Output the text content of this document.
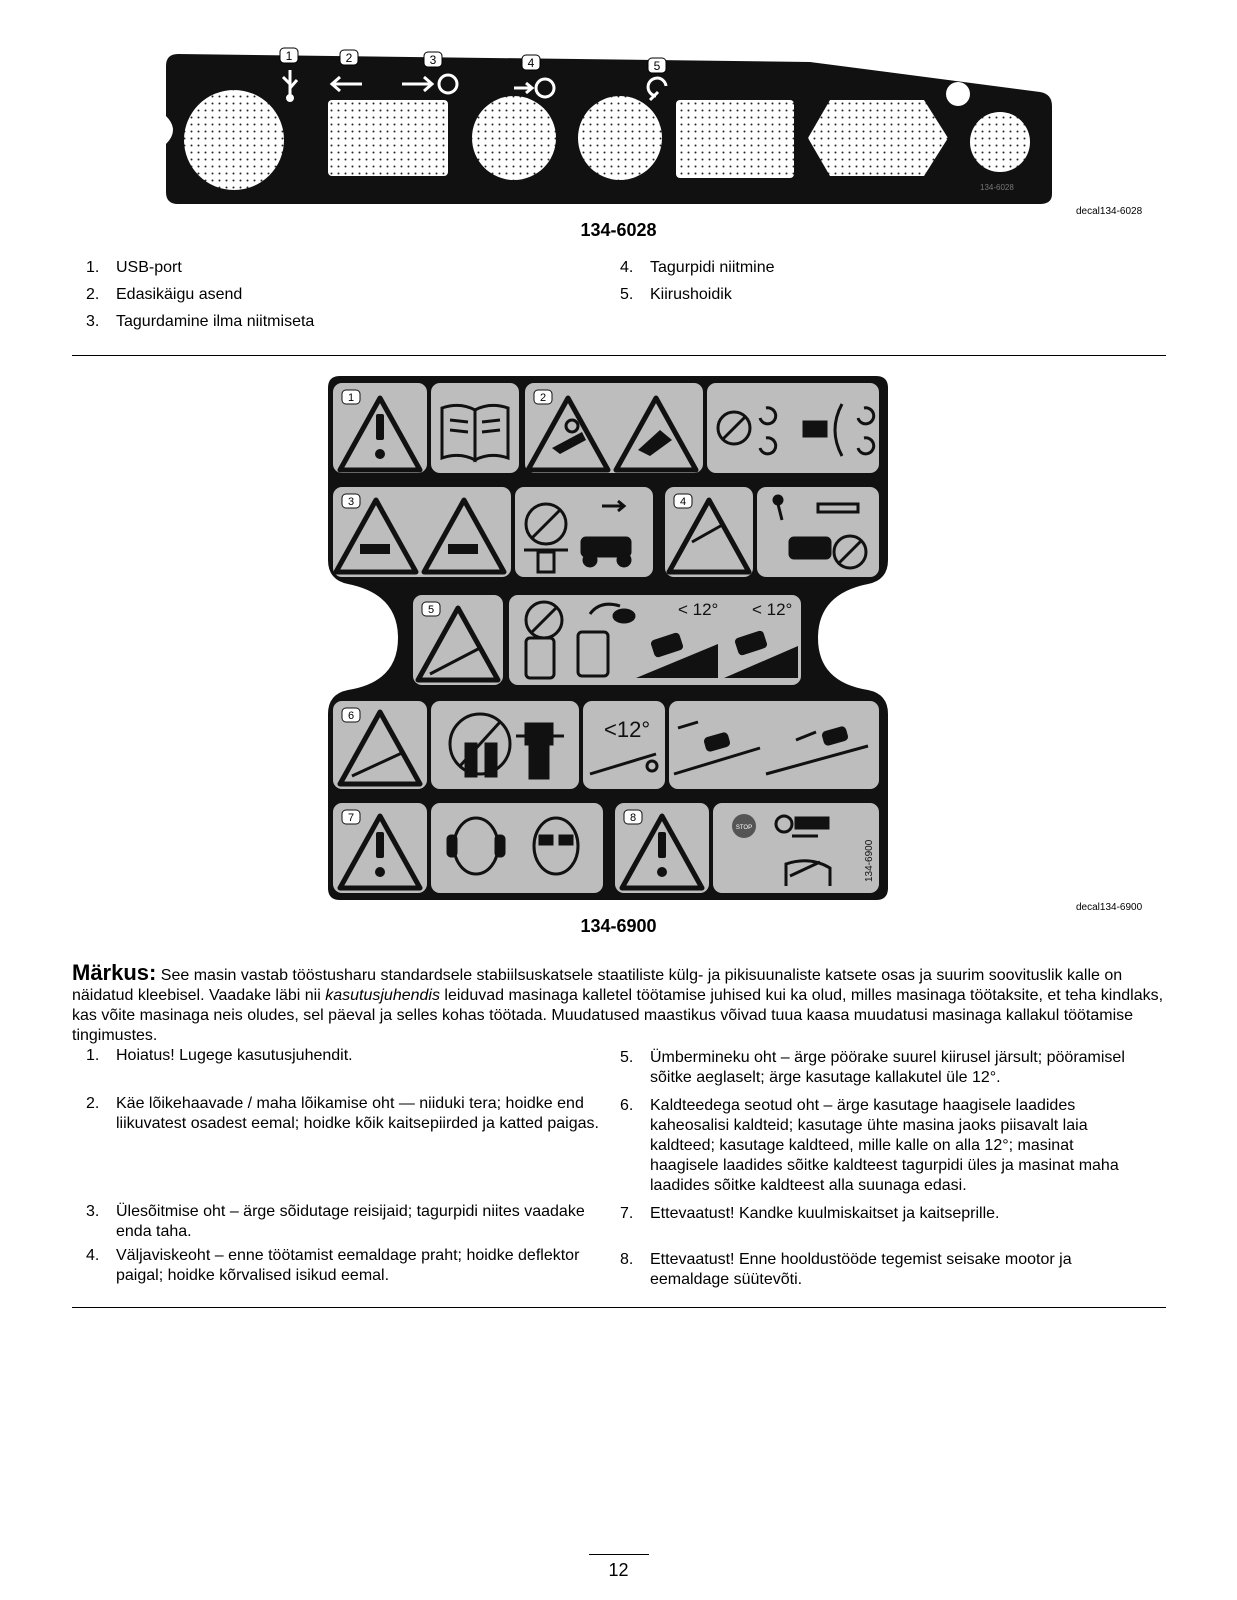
1	2	3	4	5
134-6028
decal134-6028
134-6028
1.	USB-port
2.	Edasikäigu asend
3.	Tagurdamine ilma niitmiseta
4.	Tagurpidi niitmine
5.	Kiirushoidik
1	2
3	4
5
6
7	8
< 12° < 12°
<12°
STOP
134-6900
decal134-6900
134-6900
Märkus: See masin vastab tööstusharu standardsele stabiilsuskatsele staatiliste külg- ja pikisuunaliste katsete osas ja suurim soovituslik kalle on näidatud kleebisel. Vaadake läbi nii kasutusjuhendis leiduvad masinaga kalletel töötamise juhised kui ka olud, milles masinaga töötaksite, et teha kindlaks, kas võite masinaga neis oludes, sel päeval ja selles kohas töötada. Muudatused maastikus võivad tuua kaasa muudatusi masinaga kallakul töötamise tingimustes.
1.	Hoiatus! Lugege kasutusjuhendit.
2.	Käe lõikehaavade / maha lõikamise oht — niiduki tera; hoidke end liikuvatest osadest eemal; hoidke kõik kaitsepiirded ja katted paigas.
3.	Ülesõitmise oht – ärge sõidutage reisijaid; tagurpidi niites vaadake enda taha.
4.	Väljaviskeoht – enne töötamist eemaldage praht; hoidke deflektor paigal; hoidke kõrvalised isikud eemal.
5.	Ümbermineku oht – ärge pöörake suurel kiirusel järsult; pööramisel sõitke aeglaselt; ärge kasutage kallakutel üle 12°.
6.	Kaldteedega seotud oht – ärge kasutage haagisele laadides kaheosalisi kaldteid; kasutage ühte masina jaoks piisavalt laia kaldteed; kasutage kaldteed, mille kalle on alla 12°; masinat haagisele laadides sõitke kaldteest tagurpidi üles ja masinat maha laadides sõitke kaldteest alla suunaga edasi.
7.	Ettevaatust! Kandke kuulmiskaitset ja kaitseprille.
8.	Ettevaatust! Enne hooldustööde tegemist seisake mootor ja eemaldage süütevõti.
12
